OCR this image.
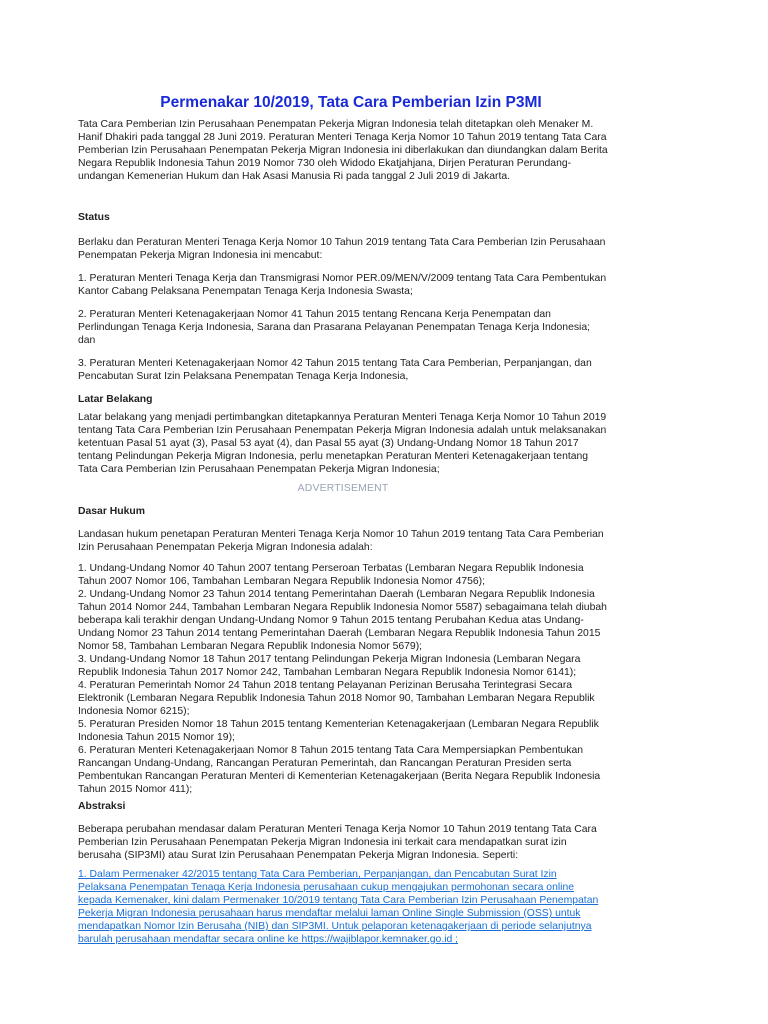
Permenakar 10/2019, Tata Cara Pemberian Izin P3MI

Tata Cara Pemberian Izin Perusahaan Penempatan Pekerja Migran Indonesia telah ditetapkan oleh Menaker M. Hanif Dhakiri pada tanggal 28 Juni 2019. Peraturan Menteri Tenaga Kerja Nomor 10 Tahun 2019 tentang Tata Cara Pemberian Izin Perusahaan Penempatan Pekerja Migran Indonesia ini diberlakukan dan diundangkan dalam Berita Negara Republik Indonesia Tahun 2019 Nomor 730 oleh Widodo Ekatjahjana, Dirjen Peraturan Perundang-undangan Kemenerian Hukum dan Hak Asasi Manusia Ri pada tanggal 2 Juli 2019 di Jakarta.

Status

Berlaku dan Peraturan Menteri Tenaga Kerja Nomor 10 Tahun 2019 tentang Tata Cara Pemberian Izin Perusahaan Penempatan Pekerja Migran Indonesia ini mencabut:

1. Peraturan Menteri Tenaga Kerja dan Transmigrasi Nomor PER.09/MEN/V/2009 tentang Tata Cara Pembentukan Kantor Cabang Pelaksana Penempatan Tenaga Kerja Indonesia Swasta;

2. Peraturan Menteri Ketenagakerjaan Nomor 41 Tahun 2015 tentang Rencana Kerja Penempatan dan Perlindungan Tenaga Kerja Indonesia, Sarana dan Prasarana Pelayanan Penempatan Tenaga Kerja Indonesia; dan

3. Peraturan Menteri Ketenagakerjaan Nomor 42 Tahun 2015 tentang Tata Cara Pemberian, Perpanjangan, dan Pencabutan Surat Izin Pelaksana Penempatan Tenaga Kerja Indonesia,

Latar Belakang

Latar belakang yang menjadi pertimbangkan ditetapkannya Peraturan Menteri Tenaga Kerja Nomor 10 Tahun 2019 tentang Tata Cara Pemberian Izin Perusahaan Penempatan Pekerja Migran Indonesia adalah untuk melaksanakan ketentuan Pasal 51 ayat (3), Pasal 53 ayat (4), dan Pasal 55 ayat (3) Undang-Undang Nomor 18 Tahun 2017 tentang Pelindungan Pekerja Migran Indonesia, perlu menetapkan Peraturan Menteri Ketenagakerjaan tentang Tata Cara Pemberian Izin Perusahaan Penempatan Pekerja Migran Indonesia;

ADVERTISEMENT

Dasar Hukum

Landasan hukum penetapan Peraturan Menteri Tenaga Kerja Nomor 10 Tahun 2019 tentang Tata Cara Pemberian Izin Perusahaan Penempatan Pekerja Migran Indonesia adalah:

1. Undang-Undang Nomor 40 Tahun 2007 tentang Perseroan Terbatas (Lembaran Negara Republik Indonesia Tahun 2007 Nomor 106, Tambahan Lembaran Negara Republik Indonesia Nomor 4756);

2. Undang-Undang Nomor 23 Tahun 2014 tentang Pemerintahan Daerah (Lembaran Negara Republik Indonesia Tahun 2014 Nomor 244, Tambahan Lembaran Negara Republik Indonesia Nomor 5587) sebagaimana telah diubah beberapa kali terakhir dengan Undang-Undang Nomor 9 Tahun 2015 tentang Perubahan Kedua atas Undang-Undang Nomor 23 Tahun 2014 tentang Pemerintahan Daerah (Lembaran Negara Republik Indonesia Tahun 2015 Nomor 58, Tambahan Lembaran Negara Republik Indonesia Nomor 5679);

3. Undang-Undang Nomor 18 Tahun 2017 tentang Pelindungan Pekerja Migran Indonesia (Lembaran Negara Republik Indonesia Tahun 2017 Nomor 242, Tambahan Lembaran Negara Republik Indonesia Nomor 6141);

4. Peraturan Pemerintah Nomor 24 Tahun 2018 tentang Pelayanan Perizinan Berusaha Terintegrasi Secara Elektronik (Lembaran Negara Republik Indonesia Tahun 2018 Nomor 90, Tambahan Lembaran Negara Republik Indonesia Nomor 6215);

5. Peraturan Presiden Nomor 18 Tahun 2015 tentang Kementerian Ketenagakerjaan (Lembaran Negara Republik Indonesia Tahun 2015 Nomor 19);

6. Peraturan Menteri Ketenagakerjaan Nomor 8 Tahun 2015 tentang Tata Cara Mempersiapkan Pembentukan Rancangan Undang-Undang, Rancangan Peraturan Pemerintah, dan Rancangan Peraturan Presiden serta Pembentukan Rancangan Peraturan Menteri di Kementerian Ketenagakerjaan (Berita Negara Republik Indonesia Tahun 2015 Nomor 411);

Abstraksi

Beberapa perubahan mendasar dalam Peraturan Menteri Tenaga Kerja Nomor 10 Tahun 2019 tentang Tata Cara Pemberian Izin Perusahaan Penempatan Pekerja Migran Indonesia ini terkait cara mendapatkan surat izin berusaha (SIP3MI) atau Surat Izin Perusahaan Penempatan Pekerja Migran Indonesia. Seperti:

1. Dalam Permenaker 42/2015 tentang Tata Cara Pemberian, Perpanjangan, dan Pencabutan Surat Izin Pelaksana Penempatan Tenaga Kerja Indonesia perusahaan cukup mengajukan permohonan secara online kepada Kemenaker, kini dalam Permenaker 10/2019 tentang Tata Cara Pemberian Izin Perusahaan Penempatan Pekerja Migran Indonesia perusahaan harus mendaftar melalui laman Online Single Submission (OSS) untuk mendapatkan Nomor Izin Berusaha (NIB) dan SIP3MI. Untuk pelaporan ketenagakerjaan di periode selanjutnya barulah perusahaan mendaftar secara online ke https://wajiblapor.kemnaker.go.id ;
